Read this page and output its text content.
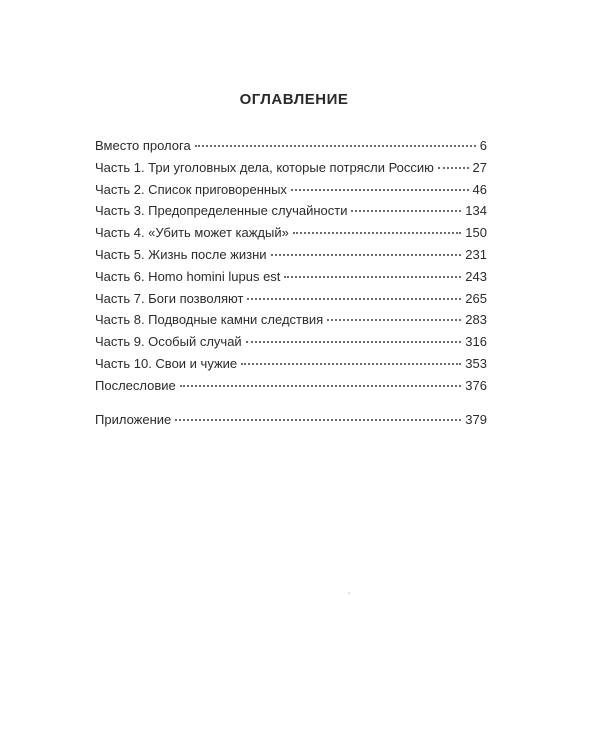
ОГЛАВЛЕНИЕ
Вместо пролога	6
Часть 1. Три уголовных дела, которые потрясли Россию	27
Часть 2. Список приговоренных	46
Часть 3. Предопределенные случайности	134
Часть 4. «Убить может каждый»	150
Часть 5. Жизнь после жизни	231
Часть 6. Homo homini lupus est	243
Часть 7. Боги позволяют	265
Часть 8. Подводные камни следствия	283
Часть 9. Особый случай	316
Часть 10. Свои и чужие	353
Послесловие	376
Приложение	379
